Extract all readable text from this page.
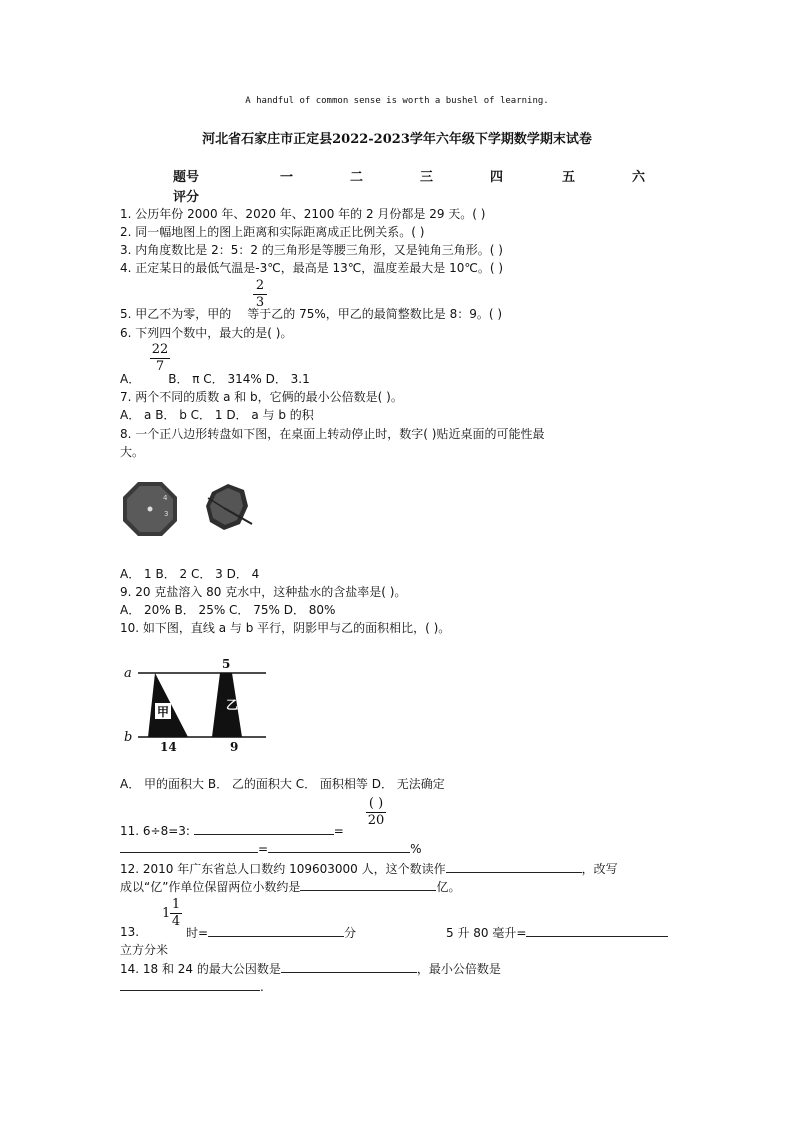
A handful of common sense is worth a bushel of learning.
河北省石家庄市正定县2022-2023学年六年级下学期数学期末试卷
题号	一	二	三	四	五	六
评分
1. 公历年份 2000 年、2020 年、2100 年的 2 月份都是 29 天。( )
2. 同一幅地图上的图上距离和实际距离成正比例关系。( )
3. 内角度数比是 2：5：2 的三角形是等腰三角形，又是钝角三角形。( )
4. 正定某日的最低气温是-3℃，最高是 13℃，温度差最大是 10℃。( )
$\frac{2}{3}$
5. 甲乙不为零，甲的 等于乙的 75%，甲乙的最简整数比是 8：9。( )
6. 下列四个数中，最大的是( )。
$\frac{22}{7}$
A． B． π C． 314% D． 3.1
7. 两个不同的质数 a 和 b，它俩的最小公倍数是( )。
A． a B． b C． 1 D． a 与 b 的积
8. 一个正八边形转盘如下图，在桌面上转动停止时，数字( )贴近桌面的可能性最
大。
4
3
A． 1 B． 2 C． 3 D． 4
9. 20 克盐溶入 80 克水中，这种盐水的含盐率是( )。
A． 20% B． 25% C． 75% D． 80%
10. 如下图，直线 a 与 b 平行，阴影甲与乙的面积相比，( )。
甲	乙
a
b
5
14	9
A． 甲的面积大 B． 乙的面积大 C． 面积相等 D． 无法确定
( )
20
11. 6÷8=3:	=
=	%
12. 2010 年广东省总人口数约 109603000 人，这个数读作	，改写
成以“亿”作单位保留两位小数约是	亿。
$1 \frac{1}{4}$
13.	时=	分	5 升 80 毫升=
立方分米
14. 18 和 24 的最大公因数是	，最小公倍数是
.
